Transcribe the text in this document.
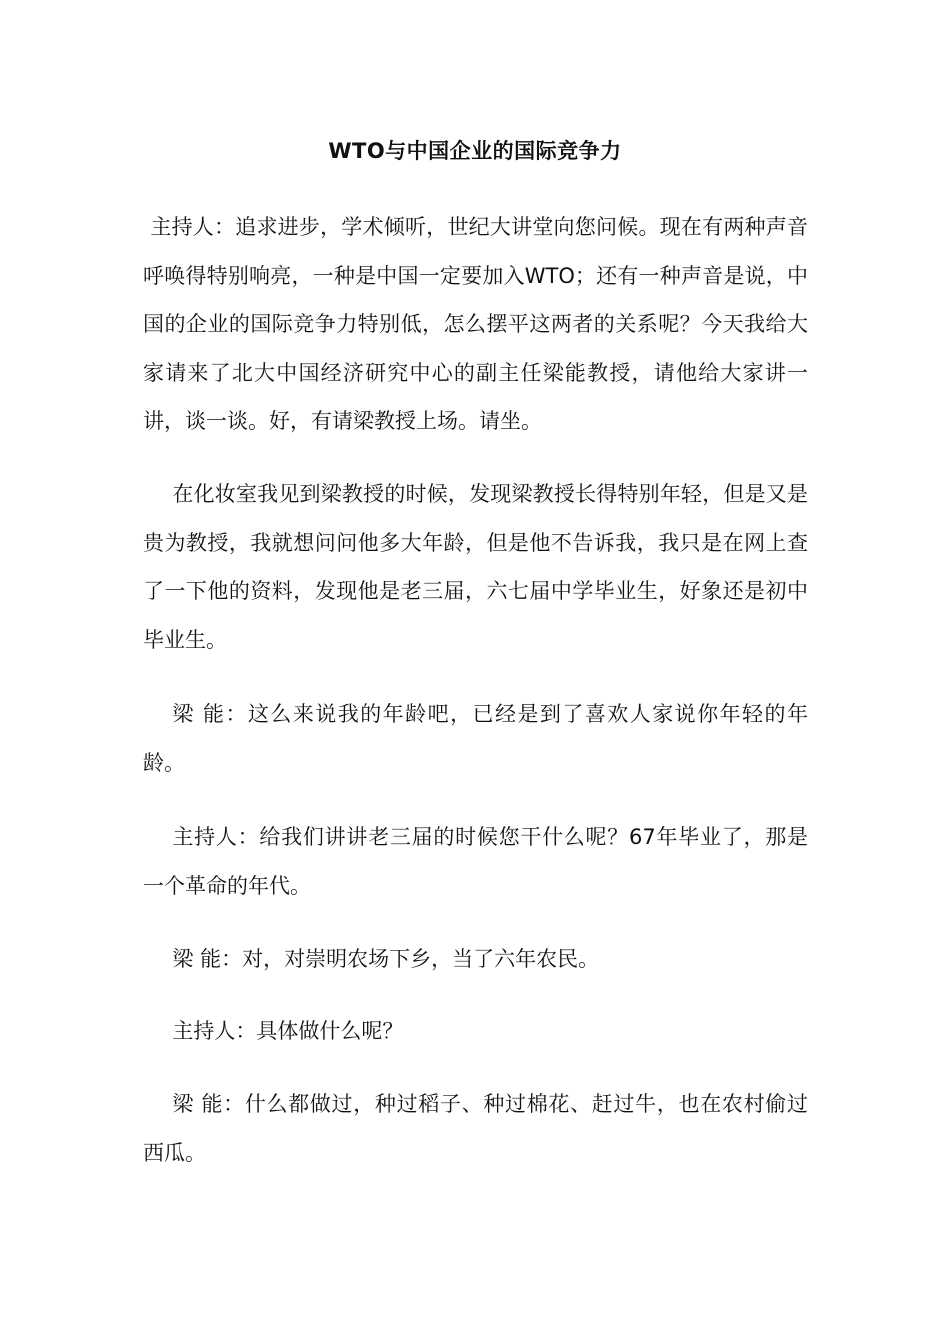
WTO与中国企业的国际竞争力

主持人：追求进步，学术倾听，世纪大讲堂向您问候。现在有两种声音呼唤得特别响亮，一种是中国一定要加入WTO；还有一种声音是说，中国的企业的国际竞争力特别低，怎么摆平这两者的关系呢？今天我给大家请来了北大中国经济研究中心的副主任梁能教授，请他给大家讲一讲，谈一谈。好，有请梁教授上场。请坐。

在化妆室我见到梁教授的时候，发现梁教授长得特别年轻，但是又是贵为教授，我就想问问他多大年龄，但是他不告诉我，我只是在网上查了一下他的资料，发现他是老三届，六七届中学毕业生，好象还是初中毕业生。

梁 能：这么来说我的年龄吧，已经是到了喜欢人家说你年轻的年龄。

主持人：给我们讲讲老三届的时候您干什么呢？67年毕业了，那是一个革命的年代。

梁 能：对，对崇明农场下乡，当了六年农民。

主持人：具体做什么呢？

梁 能：什么都做过，种过稻子、种过棉花、赶过牛，也在农村偷过西瓜。
